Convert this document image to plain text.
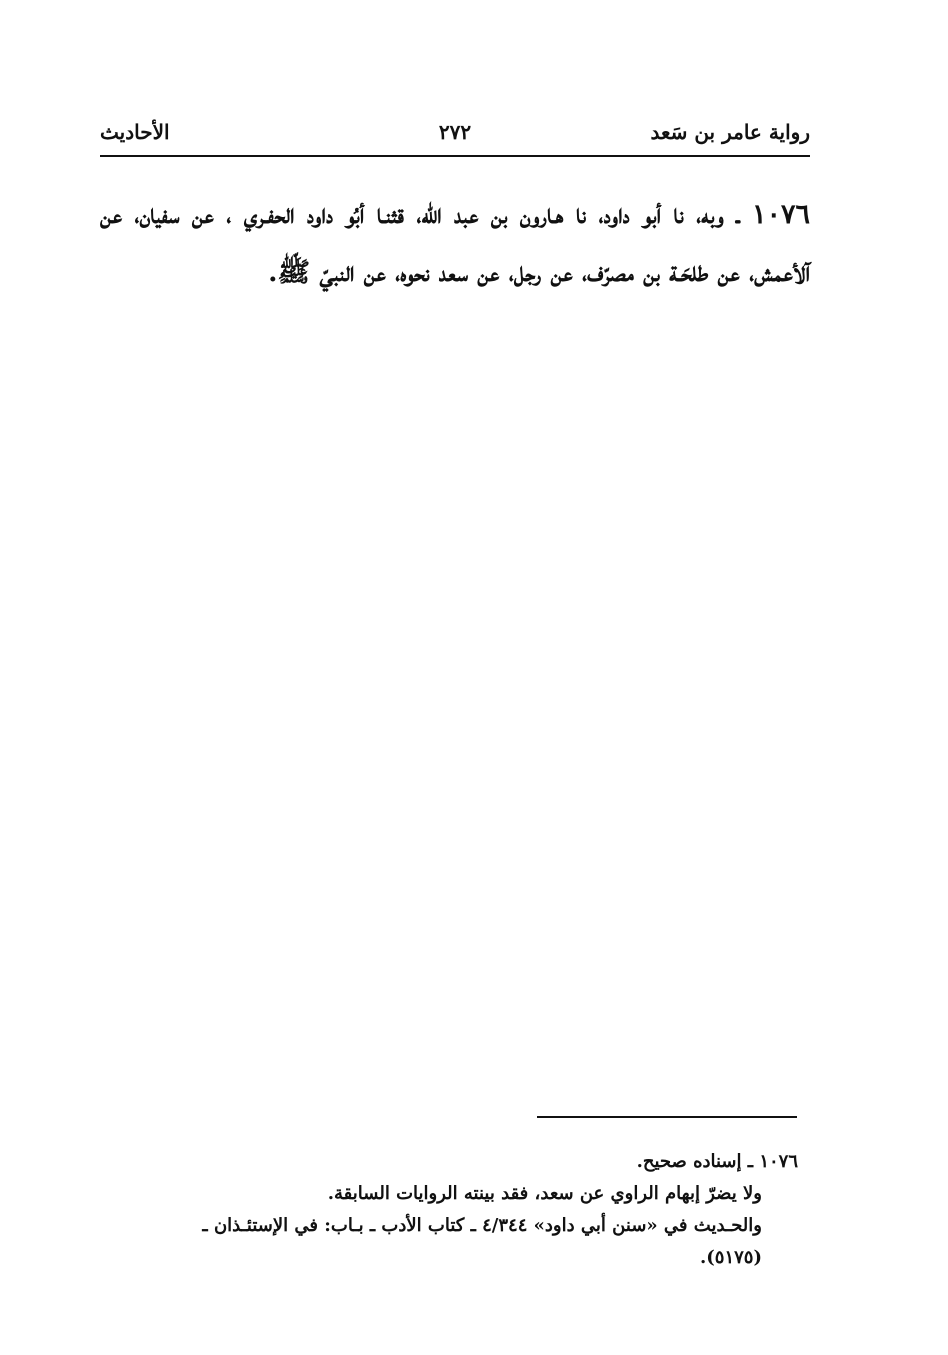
رواية عامر بن سَعد
٢٧٢
الأحاديث
١٠٧٦ ـ وبه، نا أبو داود، نا هـارون بن عبد الله، قثنـا أبُو داود الحفـري ، عن سفيان، عن آلأعمش، عن طلحَـة بن مصرّف، عن رجل، عن سعد نحوه، عن النبيّ ﷺ.
١٠٧٦ ـ إسناده صحيح.
ولا يضرّ إبهام الراوي عن سعد، فقد بينته الروايات السابقة.
والحـديث في «سنن أبي داود» ٤/٣٤٤ ـ كتاب الأدب ـ بـاب: في الإستئـذان ـ
(٥١٧٥).
